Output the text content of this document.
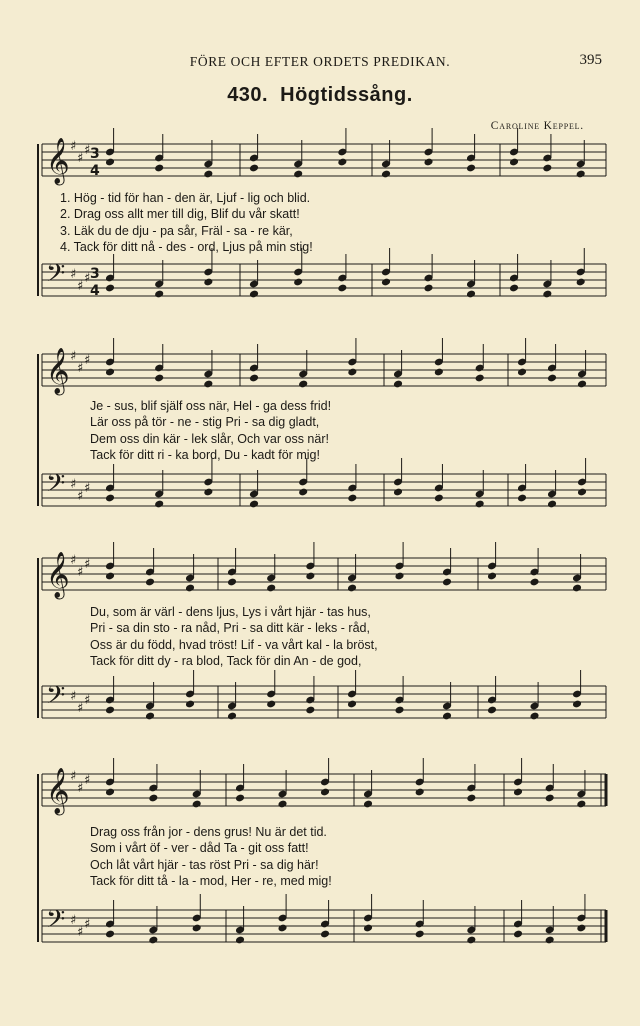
FÖRE OCH EFTER ORDETS PREDIKAN.	395
430. Högtidssång.
Caroline Keppel.
𝄞 ♯
♯
♯ 3
4
𝄢 ♯
♯
♯ 3
4
1. Hög - tid för han - den är, Ljuf - lig och blid.
2. Drag oss allt mer till dig, Blif du vår skatt!
3. Läk du de dju - pa sår, Fräl - sa - re kär,
4. Tack för ditt nå - des - ord, Ljus på min stig!
𝄞 ♯
♯
♯
𝄢 ♯
♯
♯
Je - sus, blif själf oss när, Hel - ga dess frid!
Lär oss på tör - ne - stig Pri - sa dig gladt,
Dem oss din kär - lek slår, Och var oss när!
Tack för ditt ri - ka bord, Du - kadt för mig!
𝄞 ♯
♯
♯
𝄢 ♯
♯
♯
Du, som är värl - dens ljus, Lys i vårt hjär - tas hus,
Pri - sa din sto - ra nåd, Pri - sa ditt kär - leks - råd,
Oss är du född, hvad tröst! Lif - va vårt kal - la bröst,
Tack för ditt dy - ra blod, Tack för din An - de god,
𝄞 ♯
♯
♯
𝄢 ♯
♯
♯
Drag oss från jor - dens grus! Nu är det tid.
Som i vårt öf - ver - dåd Ta - git oss fatt!
Och låt vårt hjär - tas röst Pri - sa dig här!
Tack för ditt tå - la - mod, Her - re, med mig!
